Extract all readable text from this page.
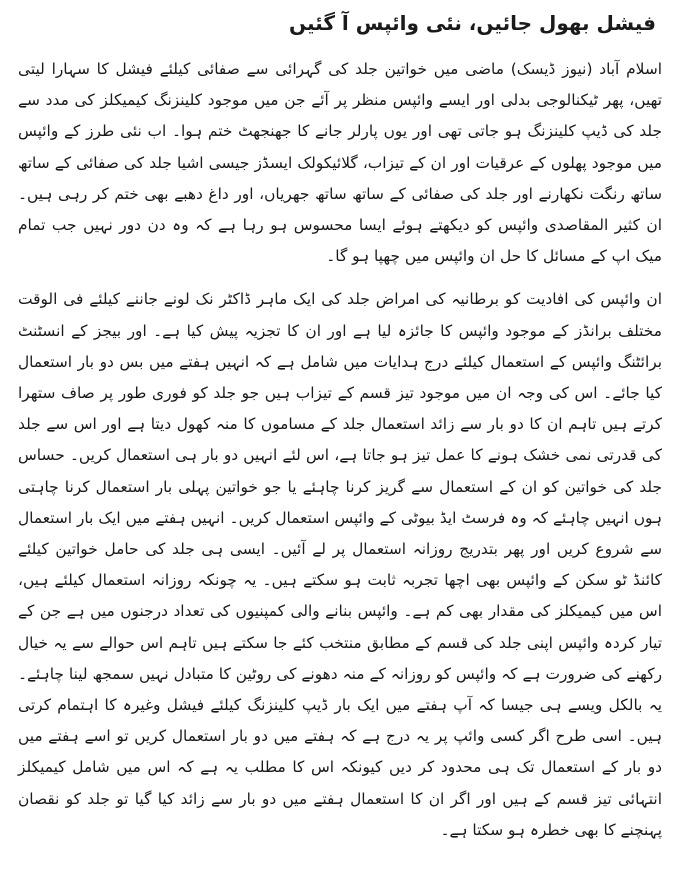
فیشل بھول جائیں، نئی وائپس آ گئیں

اسلام آباد (نیوز ڈیسک) ماضی میں خواتین جلد کی گہرائی سے صفائی کیلئے فیشل کا سہارا لیتی تھیں، پھر ٹیکنالوجی بدلی اور ایسے وائپس منظر پر آئے جن میں موجود کلینزنگ کیمیکلز کی مدد سے جلد کی ڈیپ کلینزنگ ہو جاتی تھی اور یوں پارلر جانے کا جھنجھٹ ختم ہوا۔ اب نئی طرز کے وائپس میں موجود پھلوں کے عرقیات اور ان کے تیزاب، گلائیکولک ایسڈز جیسی اشیا جلد کی صفائی کے ساتھ ساتھ رنگت نکھارنے اور جلد کی صفائی کے ساتھ ساتھ جھریاں، اور داغ دھبے بھی ختم کر رہی ہیں۔ ان کثیر المقاصدی وائپس کو دیکھتے ہوئے ایسا محسوس ہو رہا ہے کہ وہ دن دور نہیں جب تمام میک اپ کے مسائل کا حل ان وائپس میں چھپا ہو گا۔

ان وائپس کی افادیت کو برطانیہ کی امراض جلد کی ایک ماہر ڈاکٹر نک لونے جاننے کیلئے فی الوقت مختلف برانڈز کے موجود وائپس کا جائزہ لیا ہے اور ان کا تجزیہ پیش کیا ہے۔ اور بیجز کے انسٹنٹ برائٹنگ وائپس کے استعمال کیلئے درج ہدایات میں شامل ہے کہ انہیں ہفتے میں بس دو بار استعمال کیا جائے۔ اس کی وجہ ان میں موجود تیز قسم کے تیزاب ہیں جو جلد کو فوری طور پر صاف ستھرا کرتے ہیں تاہم ان کا دو بار سے زائد استعمال جلد کے مساموں کا منہ کھول دیتا ہے اور اس سے جلد کی قدرتی نمی خشک ہونے کا عمل تیز ہو جاتا ہے، اس لئے انہیں دو بار ہی استعمال کریں۔ حساس جلد کی خواتین کو ان کے استعمال سے گریز کرنا چاہئے یا جو خواتین پہلی بار استعمال کرنا چاہتی ہوں انہیں چاہئے کہ وہ فرسٹ ایڈ بیوٹی کے وائپس استعمال کریں۔ انہیں ہفتے میں ایک بار استعمال سے شروع کریں اور پھر بتدریج روزانہ استعمال پر لے آئیں۔ ایسی ہی جلد کی حامل خواتین کیلئے کائنڈ ٹو سکن کے وائپس بھی اچھا تجربہ ثابت ہو سکتے ہیں۔ یہ چونکہ روزانہ استعمال کیلئے ہیں، اس میں کیمیکلز کی مقدار بھی کم ہے۔ وائپس بنانے والی کمپنیوں کی تعداد درجنوں میں ہے جن کے تیار کردہ وائپس اپنی جلد کی قسم کے مطابق منتخب کئے جا سکتے ہیں تاہم اس حوالے سے یہ خیال رکھنے کی ضرورت ہے کہ وائپس کو روزانہ کے منہ دھونے کی روٹین کا متبادل نہیں سمجھ لینا چاہئے۔ یہ بالکل ویسے ہی جیسا کہ آپ ہفتے میں ایک بار ڈیپ کلینزنگ کیلئے فیشل وغیرہ کا اہتمام کرتی ہیں۔ اسی طرح اگر کسی وائپ پر یہ درج ہے کہ ہفتے میں دو بار استعمال کریں تو اسے ہفتے میں دو بار کے استعمال تک ہی محدود کر دیں کیونکہ اس کا مطلب یہ ہے کہ اس میں شامل کیمیکلز انتہائی تیز قسم کے ہیں اور اگر ان کا استعمال ہفتے میں دو بار سے زائد کیا گیا تو جلد کو نقصان پہنچنے کا بھی خطرہ ہو سکتا ہے۔
